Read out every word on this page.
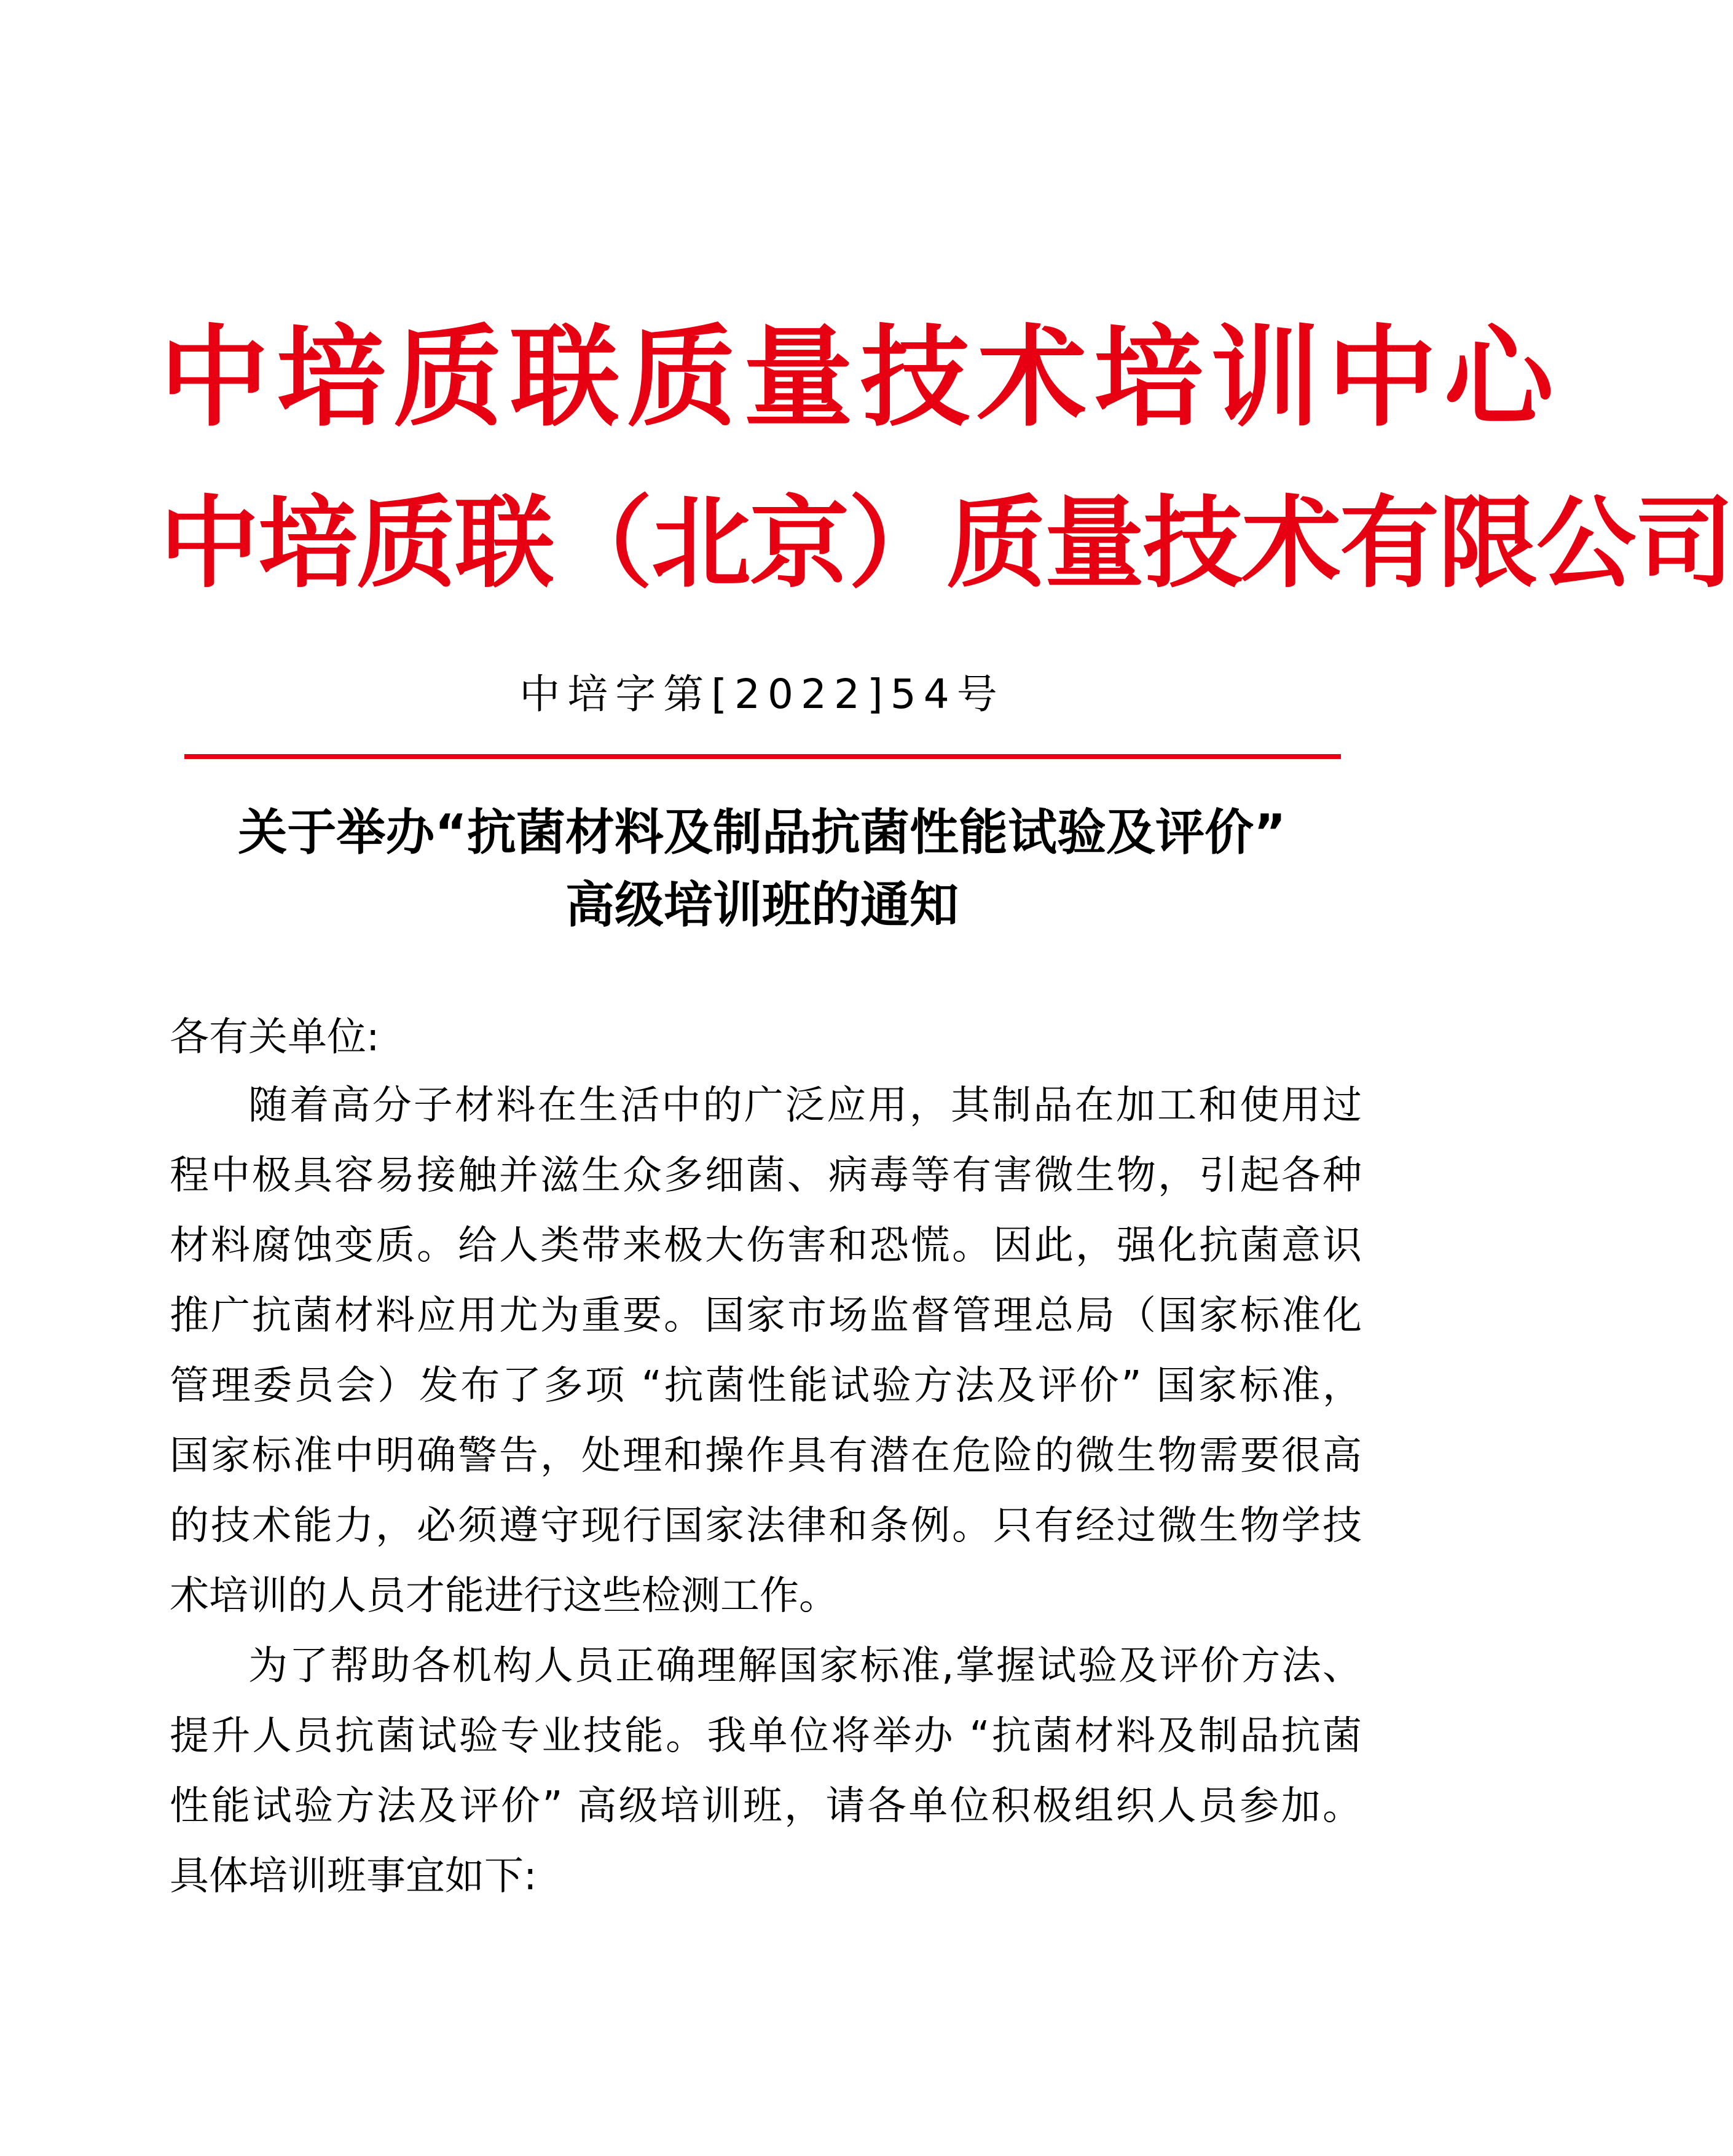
中培质联质量技术培训中心
中培质联（北京）质量技术有限公司
中培字第[2022]54号
关于举办“抗菌材料及制品抗菌性能试验及评价”
高级培训班的通知
各有关单位:
随着高分子材料在生活中的广泛应用，其制品在加工和使用过
程中极具容易接触并滋生众多细菌、病毒等有害微生物，引起各种
材料腐蚀变质。给人类带来极大伤害和恐慌。因此，强化抗菌意识
推广抗菌材料应用尤为重要。国家市场监督管理总局（国家标准化
管理委员会）发布了多项 “抗菌性能试验方法及评价” 国家标准，
国家标准中明确警告，处理和操作具有潜在危险的微生物需要很高
的技术能力，必须遵守现行国家法律和条例。只有经过微生物学技
术培训的人员才能进行这些检测工作。
为了帮助各机构人员正确理解国家标准,掌握试验及评价方法、
提升人员抗菌试验专业技能。我单位将举办 “抗菌材料及制品抗菌
性能试验方法及评价” 高级培训班，请各单位积极组织人员参加。
具体培训班事宜如下:
